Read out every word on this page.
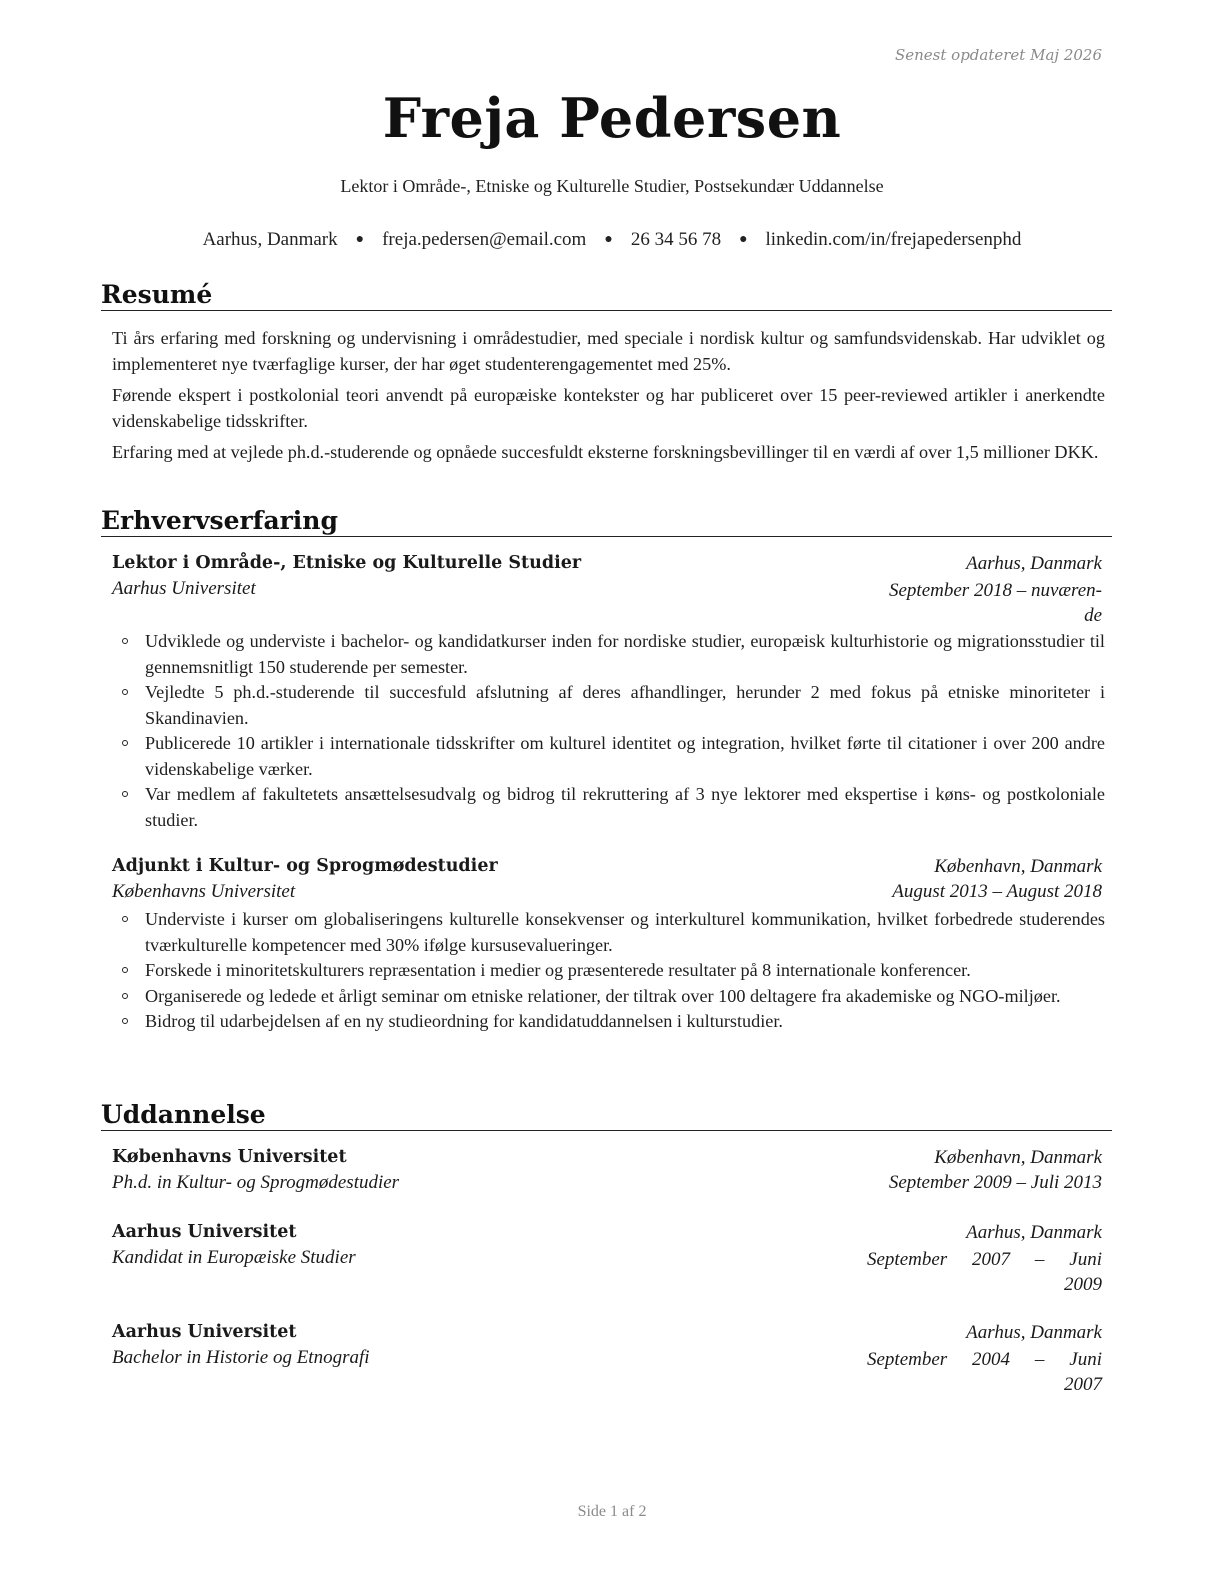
Senest opdateret Maj 2026
Freja Pedersen
Lektor i Område-, Etniske og Kulturelle Studier, Postsekundær Uddannelse
Aarhus, Danmark ● freja.pedersen@email.com ● 26 34 56 78 ● linkedin.com/in/frejapedersenphd
Resumé
Ti års erfaring med forskning og undervisning i områdestudier, med speciale i nordisk kultur og samfundsvidenskab. Har udviklet og implementeret nye tværfaglige kurser, der har øget studenterengagementet med 25%.
Førende ekspert i postkolonial teori anvendt på europæiske kontekster og har publiceret over 15 peer-reviewed artikler i anerkendte videnskabelige tidsskrifter.
Erfaring med at vejlede ph.d.-studerende og opnåede succesfuldt eksterne forskningsbevillinger til en værdi af over 1,5 millioner DKK.
Erhvervserfaring
Lektor i Område-, Etniske og Kulturelle Studier	Aarhus, Danmark
Aarhus Universitet	September 2018 – nuværen-
de
Udviklede og underviste i bachelor- og kandidatkurser inden for nordiske studier, europæisk kulturhistorie og migrationsstudier til gennemsnitligt 150 studerende per semester.
Vejledte 5 ph.d.-studerende til succesfuld afslutning af deres afhandlinger, herunder 2 med fokus på etniske minoriteter i Skandinavien.
Publicerede 10 artikler i internationale tidsskrifter om kulturel identitet og integration, hvilket førte til citationer i over 200 andre videnskabelige værker.
Var medlem af fakultetets ansættelsesudvalg og bidrog til rekruttering af 3 nye lektorer med ekspertise i køns- og postkoloniale studier.
Adjunkt i Kultur- og Sprogmødestudier	København, Danmark
Københavns Universitet	August 2013 – August 2018
Underviste i kurser om globaliseringens kulturelle konsekvenser og interkulturel kommunikation, hvilket forbedrede studerendes tværkulturelle kompetencer med 30% ifølge kursusevalueringer.
Forskede i minoritetskulturers repræsentation i medier og præsenterede resultater på 8 internationale konferencer.
Organiserede og ledede et årligt seminar om etniske relationer, der tiltrak over 100 deltagere fra akademiske og NGO-miljøer.
Bidrog til udarbejdelsen af en ny studieordning for kandidatuddannelsen i kulturstudier.
Uddannelse
Københavns Universitet	København, Danmark
Ph.d. in Kultur- og Sprogmødestudier	September 2009 – Juli 2013
Aarhus Universitet	Aarhus, Danmark
Kandidat in Europæiske Studier	September 2007 – Juni
2009
Aarhus Universitet	Aarhus, Danmark
Bachelor in Historie og Etnografi	September 2004 – Juni
2007
Side 1 af 2
